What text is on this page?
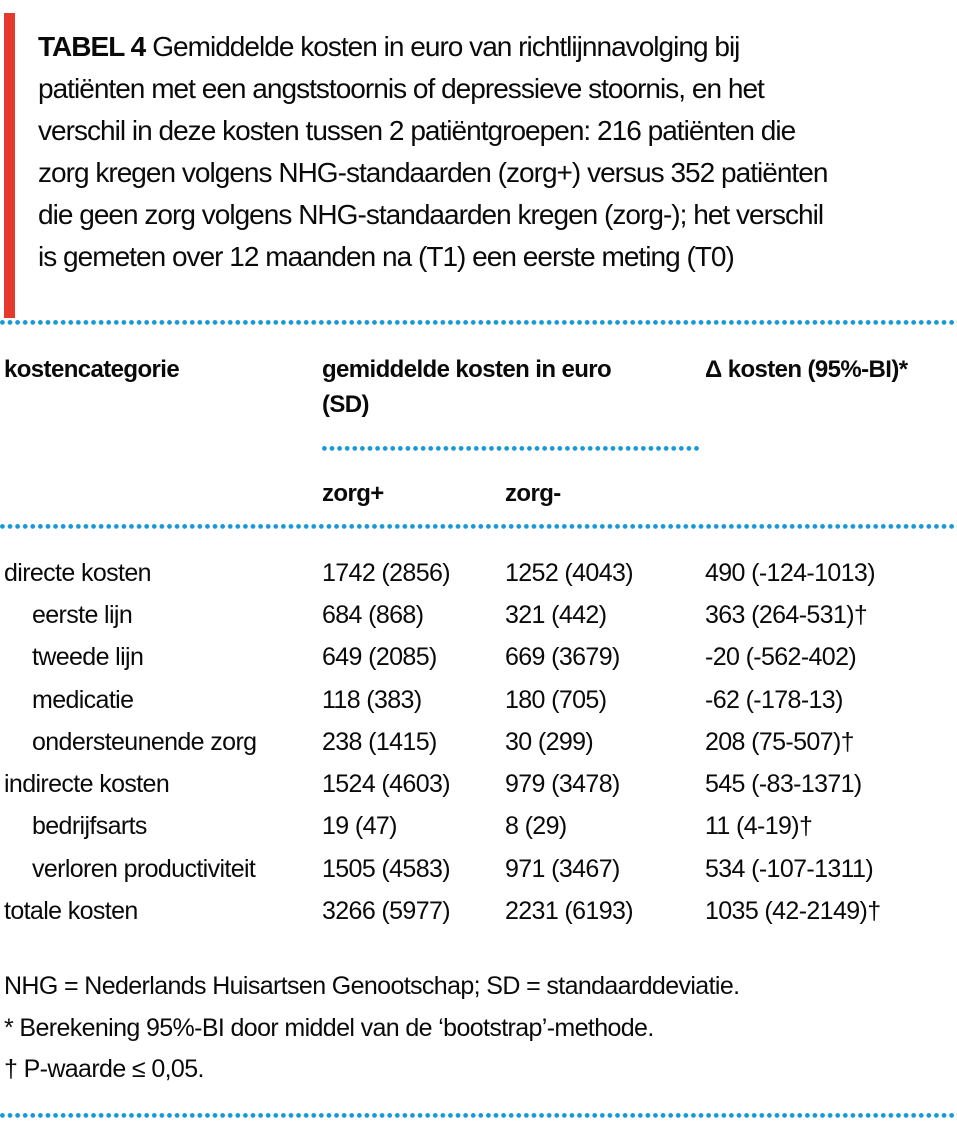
TABEL 4 Gemiddelde kosten in euro van richtlijnnavolging bij
patiënten met een angststoornis of depressieve stoornis, en het
verschil in deze kosten tussen 2 patiëntgroepen: 216 patiënten die
zorg kregen volgens NHG-standaarden (zorg+) versus 352 patiënten
die geen zorg volgens NHG-standaarden kregen (zorg-); het verschil
is gemeten over 12 maanden na (T1) een eerste meting (T0)
kostencategorie	gemiddelde kosten in euro
(SD)
Δ kosten (95%-BI)*
zorg+	zorg-
directe kosten	1742 (2856)	1252 (4043)	490 (-124-1013)
eerste lijn	684 (868)	321 (442)	363 (264-531)†
tweede lijn	649 (2085)	669 (3679)	-20 (-562-402)
medicatie	118 (383)	180 (705)	-62 (-178-13)
ondersteunende zorg	238 (1415)	30 (299)	208 (75-507)†
indirecte kosten	1524 (4603)	979 (3478)	545 (-83-1371)
bedrijfsarts	19 (47)	8 (29)	11 (4-19)†
verloren productiviteit	1505 (4583)	971 (3467)	534 (-107-1311)
totale kosten	3266 (5977)	2231 (6193)	1035 (42-2149)†
NHG = Nederlands Huisartsen Genootschap; SD = standaarddeviatie.
* Berekening 95%-BI door middel van de ‘bootstrap’-methode.
† P-waarde ≤ 0,05.
